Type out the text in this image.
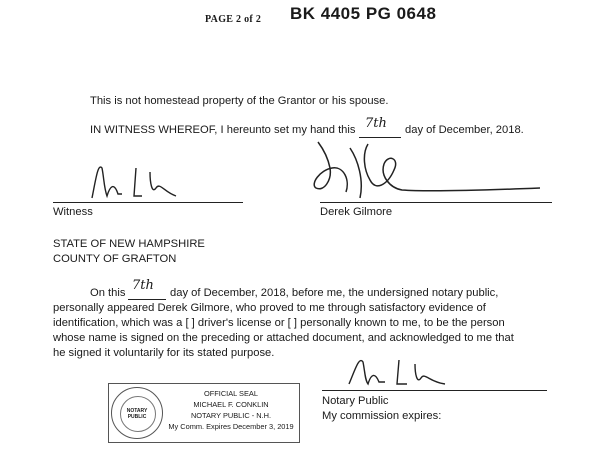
PAGE 2 of 2 BK 4405 PG 0648
This is not homestead property of the Grantor or his spouse.
IN WITNESS WHEREOF, I hereunto set my hand this 7th day of December, 2018.
Witness	Derek Gilmore
STATE OF NEW HAMPSHIRE
COUNTY OF GRAFTON
On this 7th day of December, 2018, before me, the undersigned notary public,
personally appeared Derek Gilmore, who proved to me through satisfactory evidence of
identification, which was a [ ] driver's license or [ ] personally known to me, to be the person
whose name is signed on the preceding or attached document, and acknowledged to me that
he signed it voluntarily for its stated purpose.
NOTARY PUBLIC
OFFICIAL SEAL
MICHAEL F. CONKLIN
NOTARY PUBLIC - N.H.
My Comm. Expires December 3, 2019
Notary Public
My commission expires:
